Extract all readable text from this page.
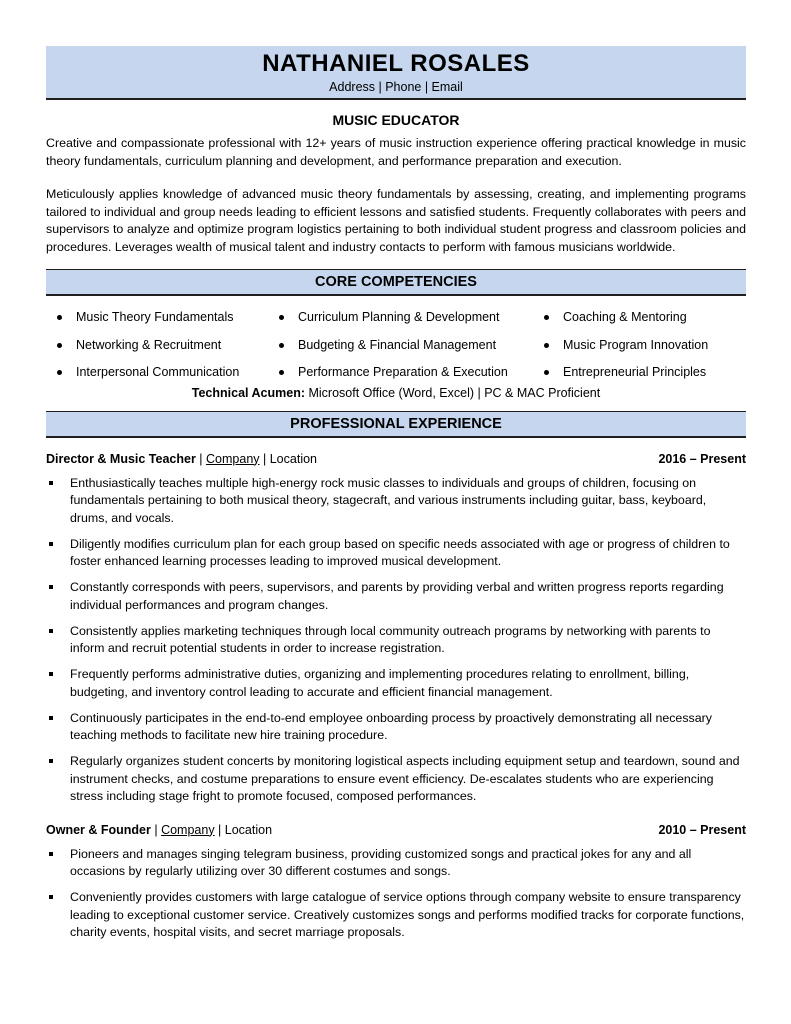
NATHANIEL ROSALES
Address | Phone | Email
MUSIC EDUCATOR

Creative and compassionate professional with 12+ years of music instruction experience offering practical knowledge in music theory fundamentals, curriculum planning and development, and performance preparation and execution.

Meticulously applies knowledge of advanced music theory fundamentals by assessing, creating, and implementing programs tailored to individual and group needs leading to efficient lessons and satisfied students. Frequently collaborates with peers and supervisors to analyze and optimize program logistics pertaining to both individual student progress and classroom policies and procedures. Leverages wealth of musical talent and industry contacts to perform with famous musicians worldwide.

CORE COMPETENCIES
Music Theory Fundamentals
Networking & Recruitment
Interpersonal Communication
Curriculum Planning & Development
Budgeting & Financial Management
Performance Preparation & Execution
Coaching & Mentoring
Music Program Innovation
Entrepreneurial Principles
Technical Acumen: Microsoft Office (Word, Excel) | PC & MAC Proficient
PROFESSIONAL EXPERIENCE
Director & Music Teacher | Company | Location	2016 – Present
Enthusiastically teaches multiple high-energy rock music classes to individuals and groups of children, focusing on fundamentals pertaining to both musical theory, stagecraft, and various instruments including guitar, bass, keyboard, drums, and vocals.
Diligently modifies curriculum plan for each group based on specific needs associated with age or progress of children to foster enhanced learning processes leading to improved musical development.
Constantly corresponds with peers, supervisors, and parents by providing verbal and written progress reports regarding individual performances and program changes.
Consistently applies marketing techniques through local community outreach programs by networking with parents to inform and recruit potential students in order to increase registration.
Frequently performs administrative duties, organizing and implementing procedures relating to enrollment, billing, budgeting, and inventory control leading to accurate and efficient financial management.
Continuously participates in the end-to-end employee onboarding process by proactively demonstrating all necessary teaching methods to facilitate new hire training procedure.
Regularly organizes student concerts by monitoring logistical aspects including equipment setup and teardown, sound and instrument checks, and costume preparations to ensure event efficiency. De-escalates students who are experiencing stress including stage fright to promote focused, composed performances.
Owner & Founder | Company | Location	2010 – Present
Pioneers and manages singing telegram business, providing customized songs and practical jokes for any and all occasions by regularly utilizing over 30 different costumes and songs.
Conveniently provides customers with large catalogue of service options through company website to ensure transparency leading to exceptional customer service. Creatively customizes songs and performs modified tracks for corporate functions, charity events, hospital visits, and secret marriage proposals.
